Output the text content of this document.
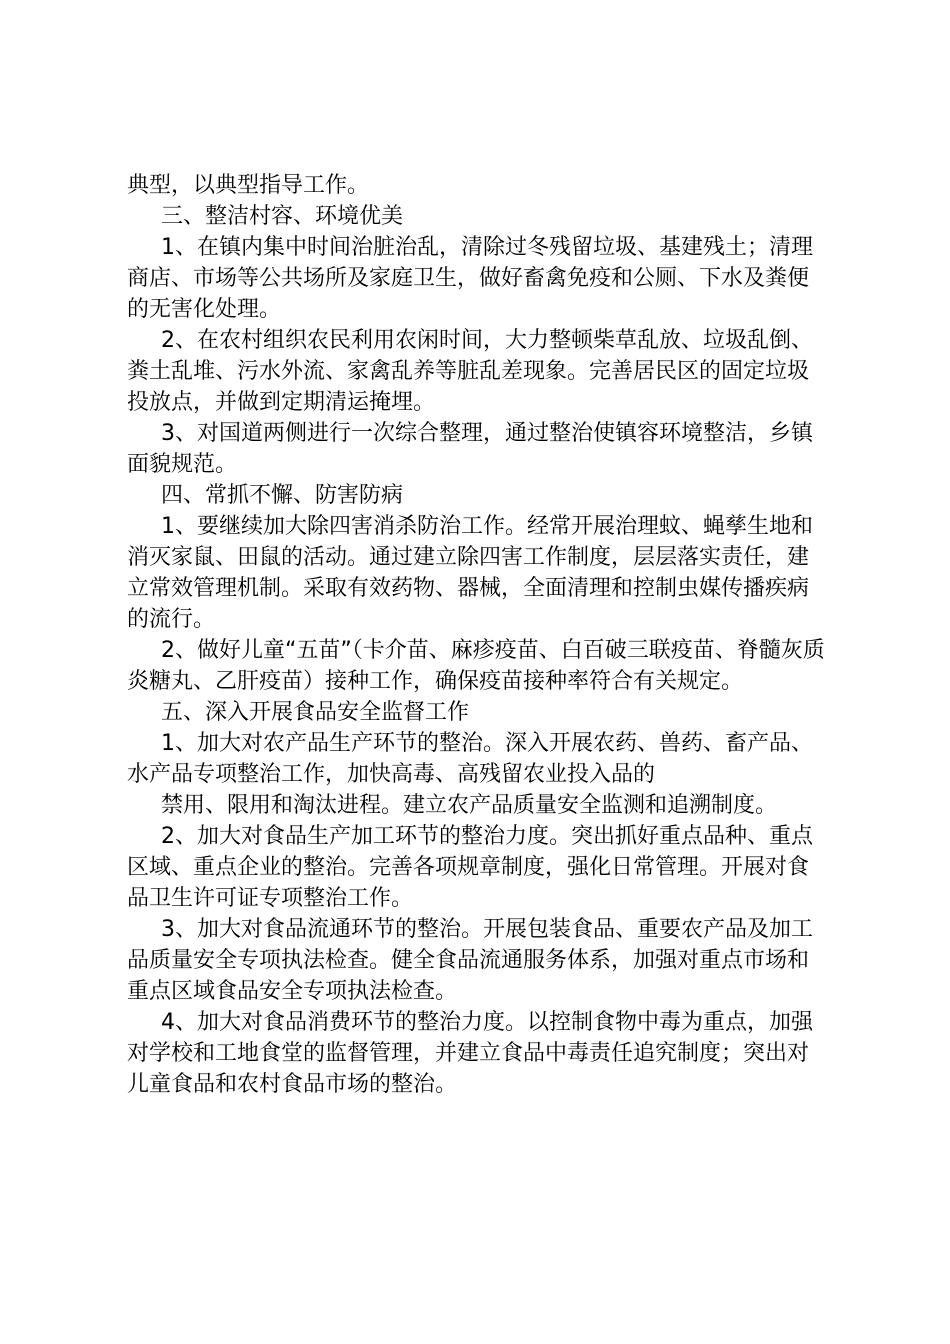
典型，以典型指导工作。

三、整洁村容、环境优美

1、在镇内集中时间治脏治乱，清除过冬残留垃圾、基建残土；清理商店、市场等公共场所及家庭卫生，做好畜禽免疫和公厕、下水及粪便的无害化处理。

2、在农村组织农民利用农闲时间，大力整顿柴草乱放、垃圾乱倒、粪土乱堆、污水外流、家禽乱养等脏乱差现象。完善居民区的固定垃圾投放点，并做到定期清运掩埋。

3、对国道两侧进行一次综合整理，通过整治使镇容环境整洁，乡镇面貌规范。

四、常抓不懈、防害防病

1、要继续加大除四害消杀防治工作。经常开展治理蚊、蝇孳生地和消灭家鼠、田鼠的活动。通过建立除四害工作制度，层层落实责任，建立常效管理机制。采取有效药物、器械，全面清理和控制虫媒传播疾病的流行。

2、做好儿童“五苗”（卡介苗、麻疹疫苗、白百破三联疫苗、脊髓灰质炎糖丸、乙肝疫苗）接种工作，确保疫苗接种率符合有关规定。

五、深入开展食品安全监督工作

1、加大对农产品生产环节的整治。深入开展农药、兽药、畜产品、水产品专项整治工作，加快高毒、高残留农业投入品的

禁用、限用和淘汰进程。建立农产品质量安全监测和追溯制度。

2、加大对食品生产加工环节的整治力度。突出抓好重点品种、重点区域、重点企业的整治。完善各项规章制度，强化日常管理。开展对食品卫生许可证专项整治工作。

3、加大对食品流通环节的整治。开展包装食品、重要农产品及加工品质量安全专项执法检查。健全食品流通服务体系，加强对重点市场和重点区域食品安全专项执法检查。

4、加大对食品消费环节的整治力度。以控制食物中毒为重点，加强对学校和工地食堂的监督管理，并建立食品中毒责任追究制度；突出对儿童食品和农村食品市场的整治。
